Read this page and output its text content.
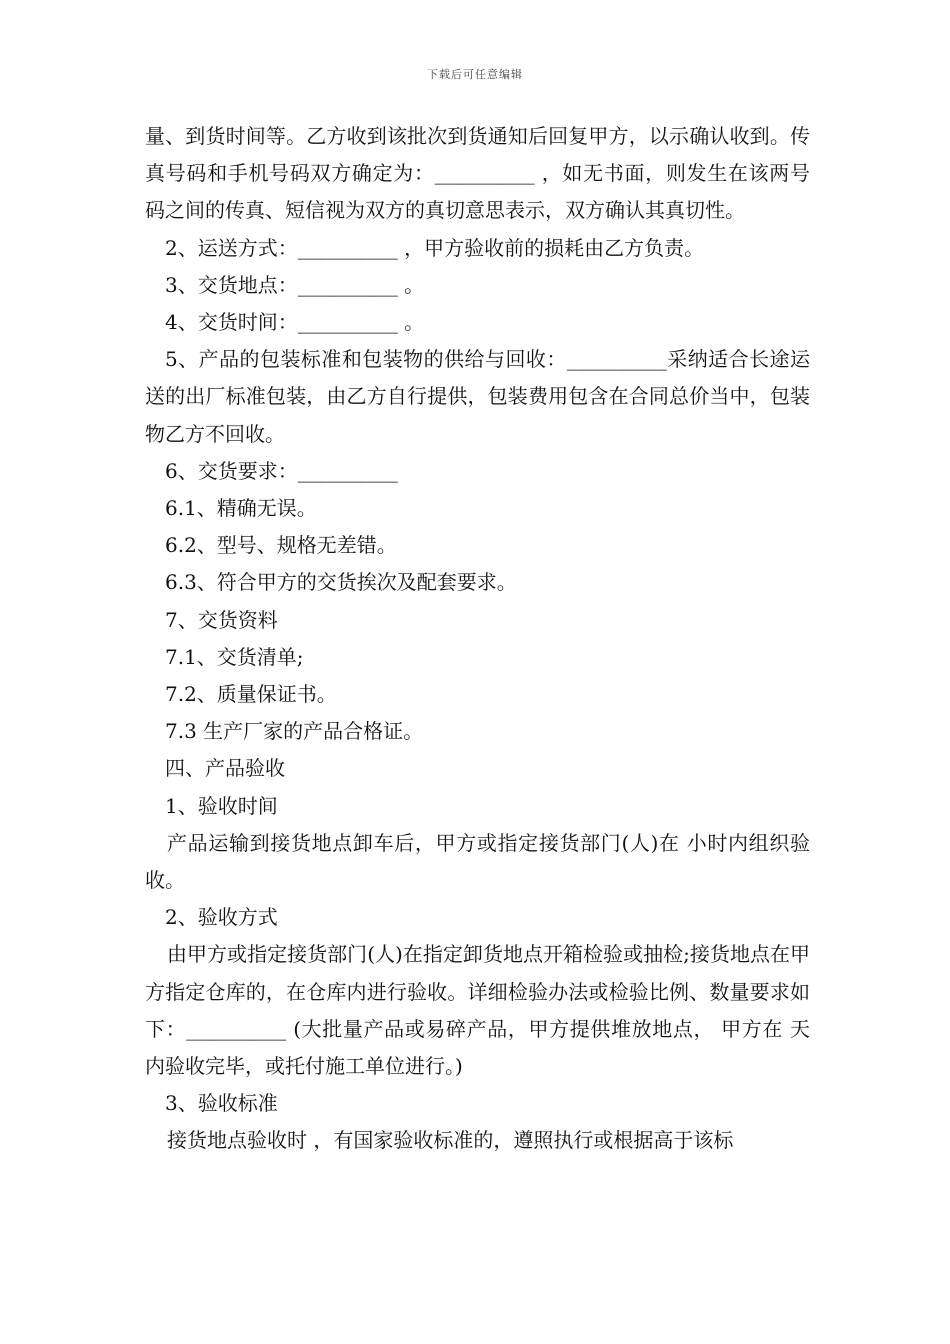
下载后可任意编辑

量、到货时间等。乙方收到该批次到货通知后回复甲方，以示确认收到。传真号码和手机号码双方确定为：__________ ，如无书面，则发生在该两号码之间的传真、短信视为双方的真切意思表示，双方确认其真切性。

2、运送方式：__________ ，甲方验收前的损耗由乙方负责。

3、交货地点：__________ 。

4、交货时间：__________ 。

5、产品的包装标准和包装物的供给与回收：__________采纳适合长途运送的出厂标准包装，由乙方自行提供，包装费用包含在合同总价当中，包装物乙方不回收。

6、交货要求：__________

6.1、精确无误。

6.2、型号、规格无差错。

6.3、符合甲方的交货挨次及配套要求。

7、交货资料

7.1、交货清单;

7.2、质量保证书。

7.3 生产厂家的产品合格证。

四、产品验收

1、验收时间

产品运输到接货地点卸车后，甲方或指定接货部门(人)在 小时内组织验收。

2、验收方式

由甲方或指定接货部门(人)在指定卸货地点开箱检验或抽检;接货地点在甲方指定仓库的，在仓库内进行验收。详细检验办法或检验比例、数量要求如下：__________ (大批量产品或易碎产品，甲方提供堆放地点， 甲方在 天内验收完毕，或托付施工单位进行。)

3、验收标准

接货地点验收时 ，有国家验收标准的，遵照执行或根据高于该标
